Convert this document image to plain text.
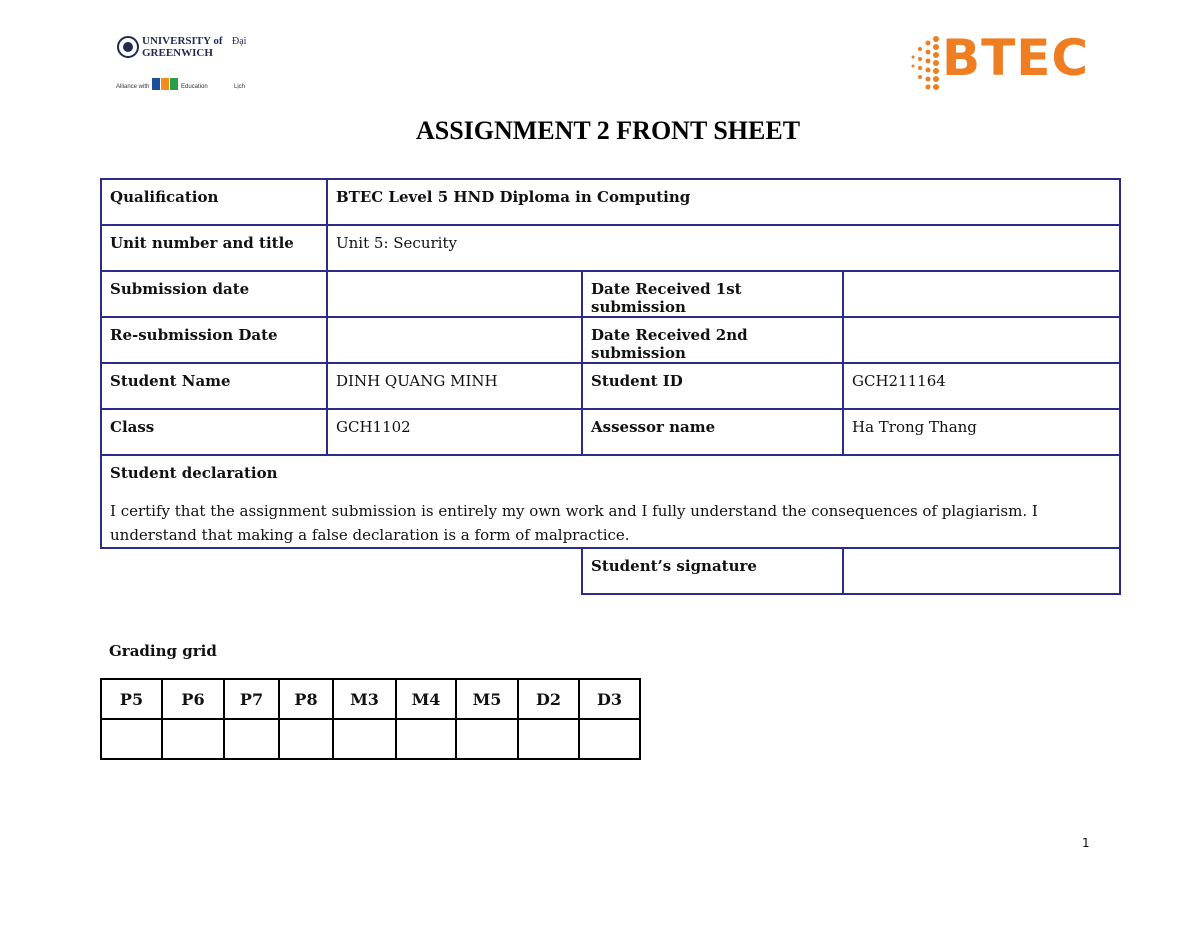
UNIVERSITY of
GREENWICH
Đại
Alliance with	Education	Lịch	BTEC
ASSIGNMENT 2 FRONT SHEET
Qualification	BTEC Level 5 HND Diploma in Computing		
Unit number and title	Unit 5: Security		
Submission date		Date Received 1st submission	
Re-submission Date		Date Received 2nd submission	
Student Name	DINH QUANG MINH	Student ID	GCH211164
Class	GCH1102	Assessor name	Ha Trong Thang

Student declaration
I certify that the assignment submission is entirely my own work and I fully understand the consequences of plagiarism. I understand that making a false declaration is a form of malpractice.			

		Student’s signature	
Grading grid
P5	P6	P7	P8	M3	M4	M5	D2	D3

1
